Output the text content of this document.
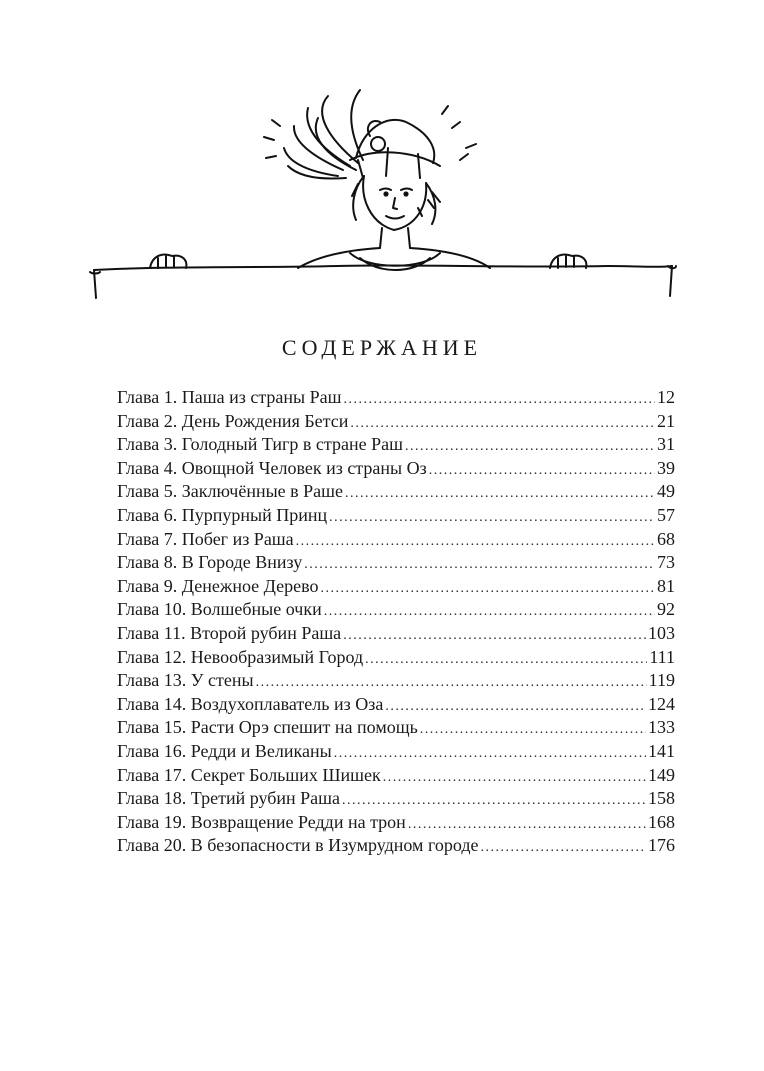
СОДЕРЖАНИЕ
Глава 1. Паша из страны Раш . . .	12
Глава 2. День Рождения Бетси . . .	21
Глава 3. Голодный Тигр в стране Раш . . .	31
Глава 4. Овощной Человек из страны Оз . . .	39
Глава 5. Заключённые в Раше . . .	49
Глава 6. Пурпурный Принц . . .	57
Глава 7. Побег из Раша . . .	68
Глава 8. В Городе Внизу . . .	73
Глава 9. Денежное Дерево . . .	81
Глава 10. Волшебные очки . . .	92
Глава 11. Второй рубин Раша . . .	103
Глава 12. Невообразимый Город . . .	111
Глава 13. У стены . . .	119
Глава 14. Воздухоплаватель из Оза . . .	124
Глава 15. Расти Орэ спешит на помощь . . .	133
Глава 16. Редди и Великаны . . .	141
Глава 17. Секрет Больших Шишек . . .	149
Глава 18. Третий рубин Раша . . .	158
Глава 19. Возвращение Редди на трон . . .	168
Глава 20. В безопасности в Изумрудном городе . . .	176
